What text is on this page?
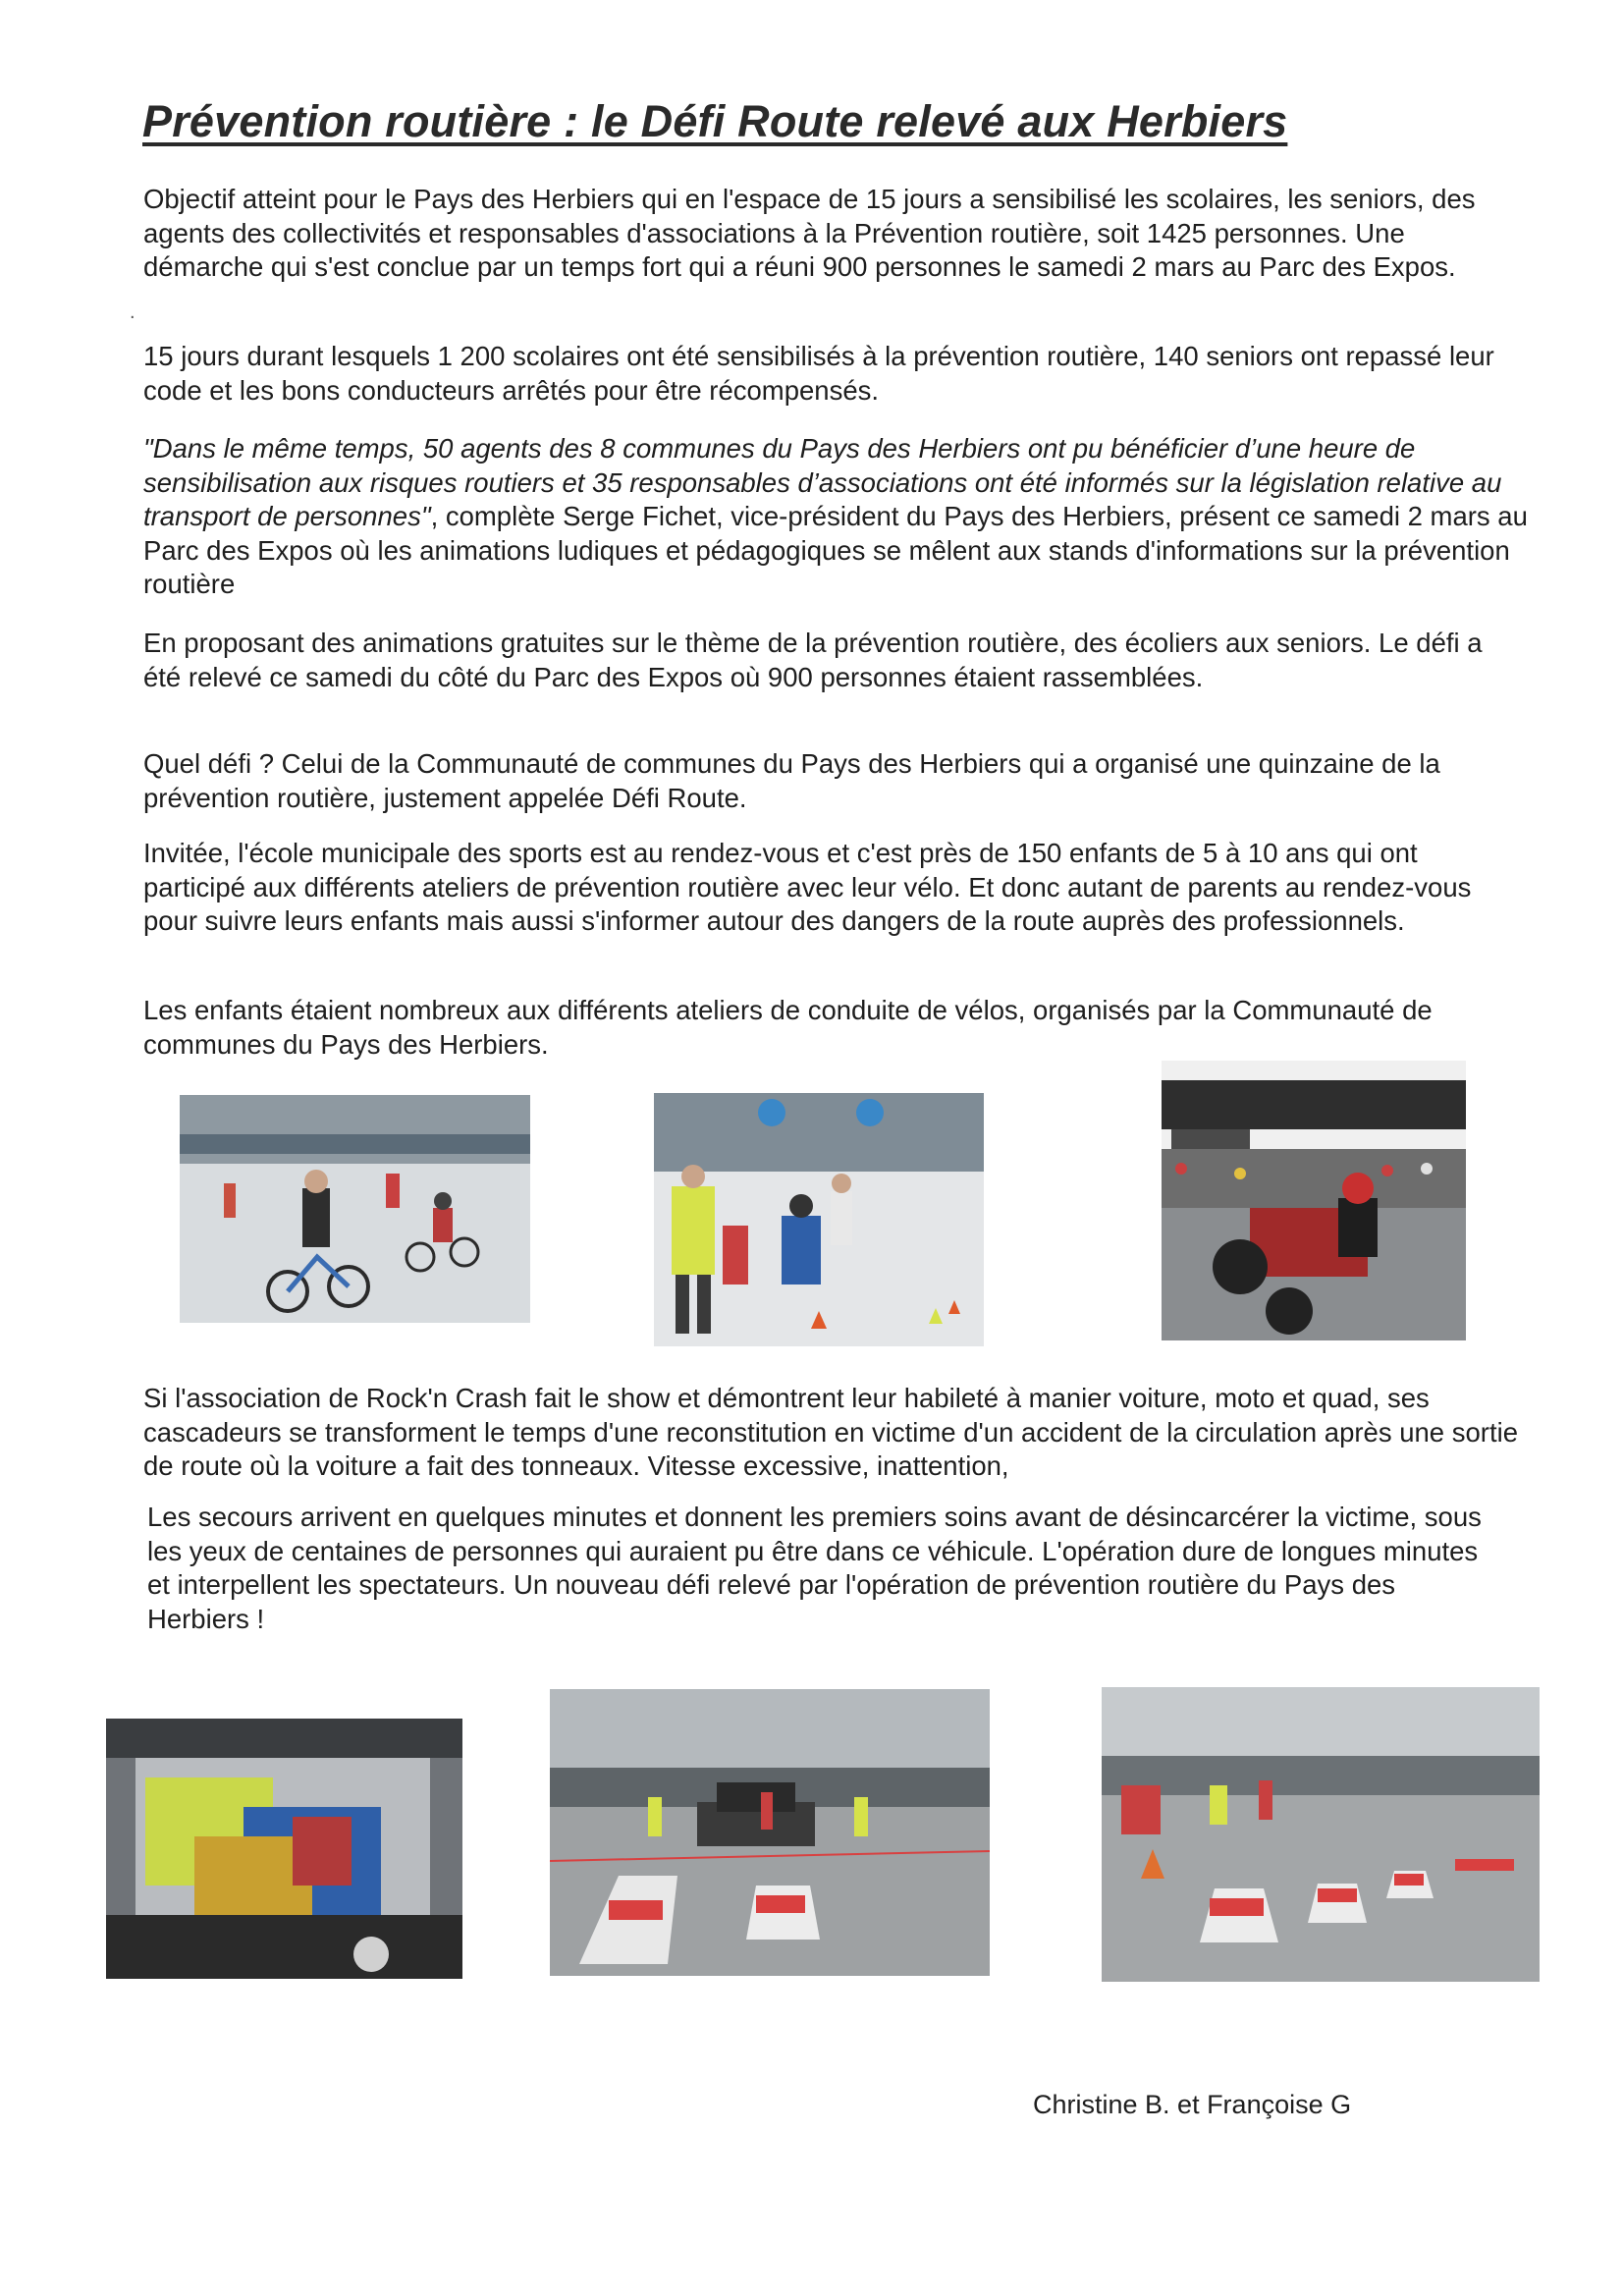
Prévention routière : le Défi Route relevé aux Herbiers

Objectif atteint pour le Pays des Herbiers qui en l'espace de 15 jours a sensibilisé les scolaires, les seniors, des agents des collectivités et responsables d'associations à la Prévention routière, soit 1425 personnes. Une démarche qui s'est conclue par un temps fort qui a réuni 900 personnes le samedi 2 mars au Parc des Expos.

.

15 jours durant lesquels 1 200 scolaires ont été sensibilisés à la prévention routière, 140 seniors ont repassé leur code et les bons conducteurs arrêtés pour être récompensés.

"Dans le même temps, 50 agents des 8 communes du Pays des Herbiers ont pu bénéficier d’une heure de sensibilisation aux risques routiers et 35 responsables d’associations ont été informés sur la législation relative au transport de personnes", complète Serge Fichet, vice-président du Pays des Herbiers, présent ce samedi 2 mars au Parc des Expos où les animations ludiques et pédagogiques se mêlent aux stands d'informations sur la prévention routière

En proposant des animations gratuites sur le thème de la prévention routière, des écoliers aux seniors. Le défi a été relevé ce samedi du côté du Parc des Expos où 900 personnes étaient rassemblées.

Quel défi ? Celui de la Communauté de communes du Pays des Herbiers qui a organisé une quinzaine de la prévention routière, justement appelée Défi Route.

Invitée, l'école municipale des sports est au rendez-vous et c'est près de 150 enfants de 5 à 10 ans qui ont participé aux différents ateliers de prévention routière avec leur vélo. Et donc autant de parents au rendez-vous pour suivre leurs enfants mais aussi s'informer autour des dangers de la route auprès des professionnels.

Les enfants étaient nombreux aux différents ateliers de conduite de vélos, organisés par la Communauté de communes du Pays des Herbiers.

Si l'association de Rock'n Crash fait le show et démontrent leur habileté à manier voiture, moto et quad, ses cascadeurs se transforment le temps d'une reconstitution en victime d'un accident de la circulation après une sortie de route où la voiture a fait des tonneaux. Vitesse excessive, inattention,

Les secours arrivent en quelques minutes et donnent les premiers soins avant de désincarcérer la victime, sous les yeux de centaines de personnes qui auraient pu être dans ce véhicule. L'opération dure de longues minutes et interpellent les spectateurs. Un nouveau défi relevé par l'opération de prévention routière du Pays des Herbiers !

Christine B. et Françoise G
